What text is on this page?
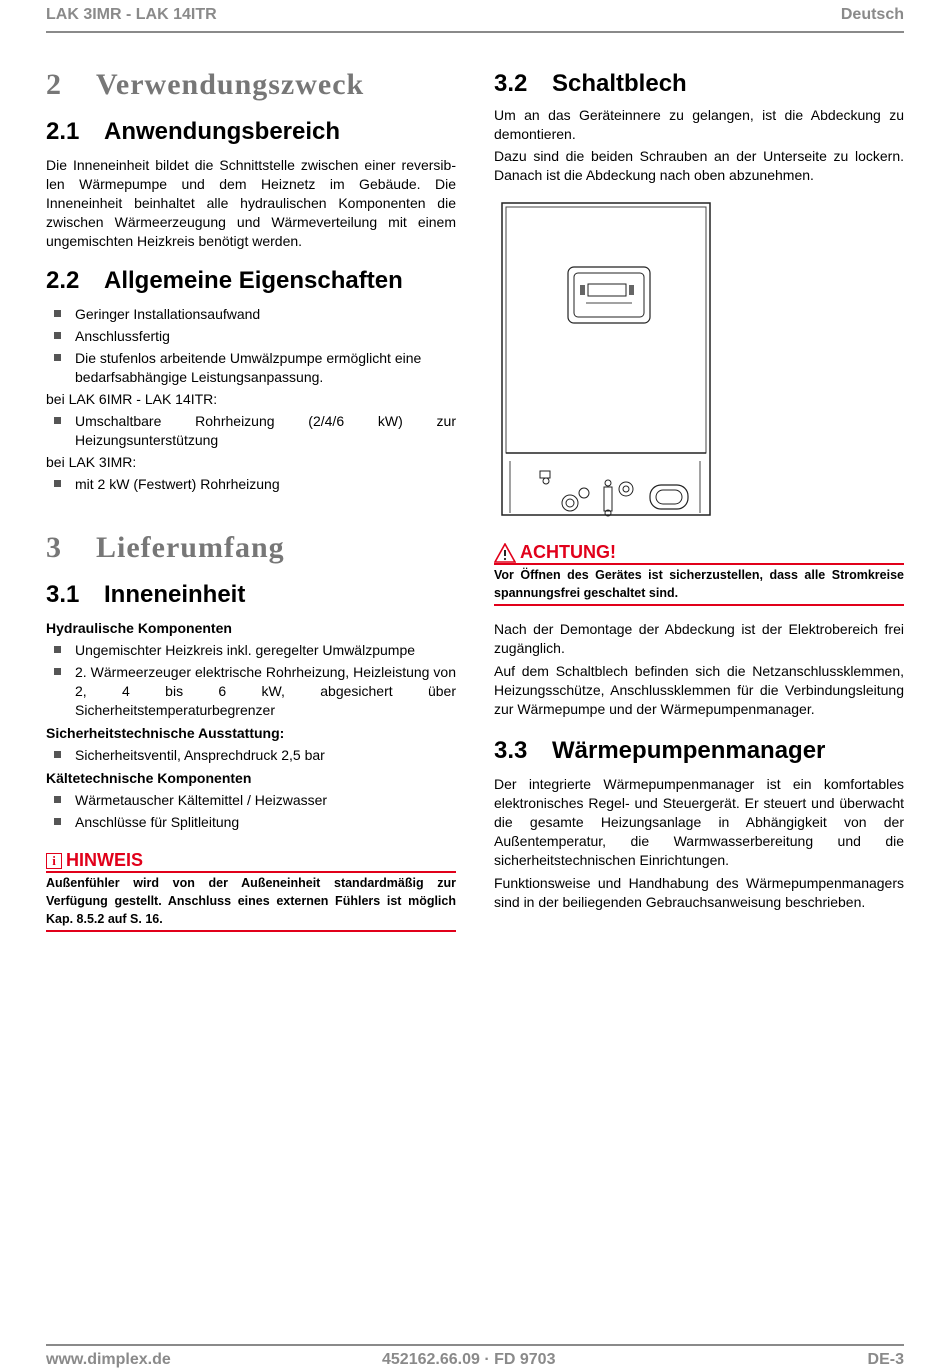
LAK 3IMR - LAK 14ITR	Deutsch
2 Verwendungszweck
2.1 Anwendungsbereich

Die Inneneinheit bildet die Schnittstelle zwischen einer reversib- len Wärmepumpe und dem Heiznetz im Gebäude. Die Inneneinheit beinhaltet alle hydraulischen Komponenten die zwischen Wärmeerzeugung und Wärmeverteilung mit einem ungemischten Heizkreis benötigt werden.

2.2 Allgemeine Eigenschaften
Geringer Installationsaufwand
Anschlussfertig
Die stufenlos arbeitende Umwälzpumpe ermöglicht eine bedarfsabhängige Leistungsanpassung.

bei LAK 6IMR - LAK 14ITR:

Umschaltbare Rohrheizung (2/4/6 kW) zur Heizungsunterstützung

bei LAK 3IMR:

mit 2 kW (Festwert) Rohrheizung
3 Lieferumfang
3.1 Inneneinheit

Hydraulische Komponenten

Ungemischter Heizkreis inkl. geregelter Umwälzpumpe
2. Wärmeerzeuger elektrische Rohrheizung, Heizleistung von 2, 4 bis 6 kW, abgesichert über Sicherheitstemperaturbegrenzer

Sicherheitstechnische Ausstattung:

Sicherheitsventil, Ansprechdruck 2,5 bar

Kältetechnische Komponenten

Wärmetauscher Kältemittel / Heizwasser
Anschlüsse für Splitleitung
i HINWEIS
Außenfühler wird von der Außeneinheit standardmäßig zur Verfügung gestellt. Anschluss eines externen Fühlers ist möglich Kap. 8.5.2 auf S. 16.
3.2 Schaltblech

Um an das Geräteinnere zu gelangen, ist die Abdeckung zu demontieren.

Dazu sind die beiden Schrauben an der Unterseite zu lockern. Danach ist die Abdeckung nach oben abzunehmen.

ACHTUNG!
Vor Öffnen des Gerätes ist sicherzustellen, dass alle Stromkreise spannungsfrei geschaltet sind.

Nach der Demontage der Abdeckung ist der Elektrobereich frei zugänglich.

Auf dem Schaltblech befinden sich die Netzanschlussklemmen, Heizungsschütze, Anschlussklemmen für die Verbindungsleitung zur Wärmepumpe und der Wärmepumpenmanager.

3.3 Wärmepumpenmanager

Der integrierte Wärmepumpenmanager ist ein komfortables elektronisches Regel- und Steuergerät. Er steuert und überwacht die gesamte Heizungsanlage in Abhängigkeit von der Außentemperatur, die Warmwasserbereitung und die sicherheitstechnischen Einrichtungen.

Funktionsweise und Handhabung des Wärmepumpenmanagers sind in der beiliegenden Gebrauchsanweisung beschrieben.

www.dimplex.de	452162.66.09 · FD 9703	DE-3
